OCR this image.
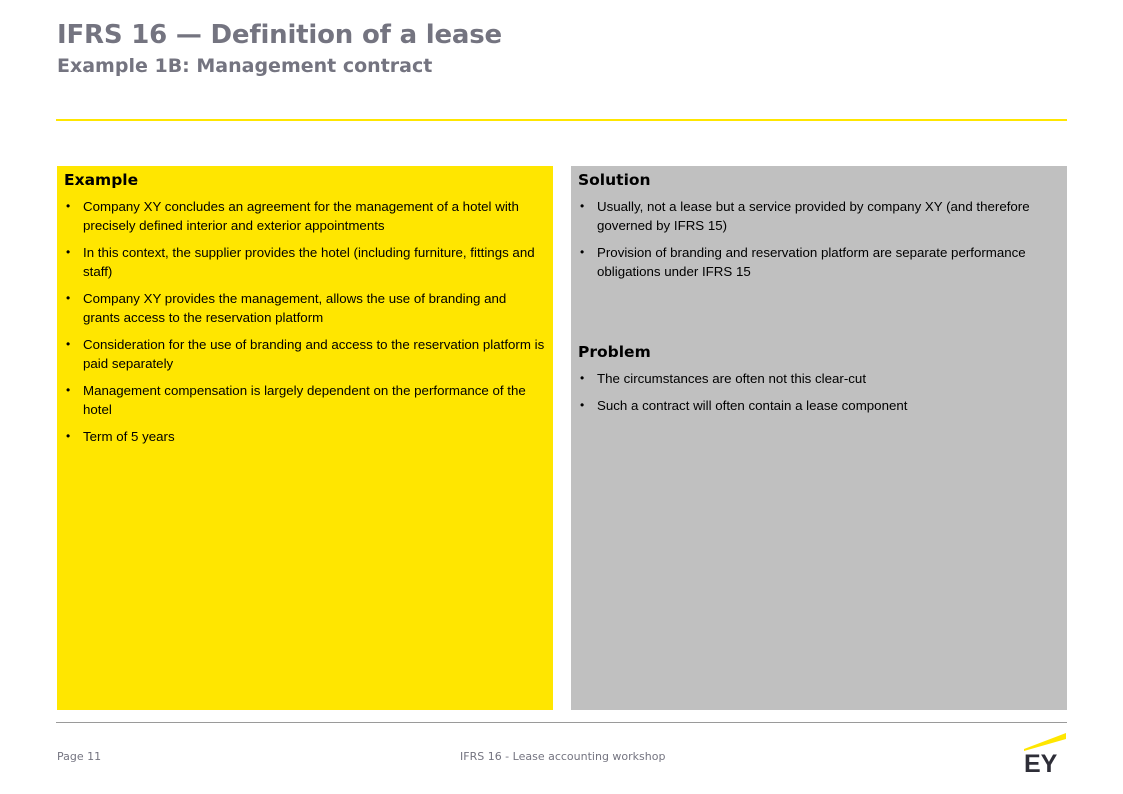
IFRS 16 — Definition of a lease
Example 1B: Management contract
Example
• Company XY concludes an agreement for the management of a hotel with precisely defined interior and exterior appointments
• In this context, the supplier provides the hotel (including furniture, fittings and staff)
• Company XY provides the management, allows the use of branding and grants access to the reservation platform
• Consideration for the use of branding and access to the reservation platform is paid separately
• Management compensation is largely dependent on the performance of the hotel
• Term of 5 years
Solution
• Usually, not a lease but a service provided by company XY (and therefore governed by IFRS 15)
• Provision of branding and reservation platform are separate performance obligations under IFRS 15
Problem
• The circumstances are often not this clear-cut
• Such a contract will often contain a lease component
Page 11	IFRS 16 - Lease accounting workshop	EY
